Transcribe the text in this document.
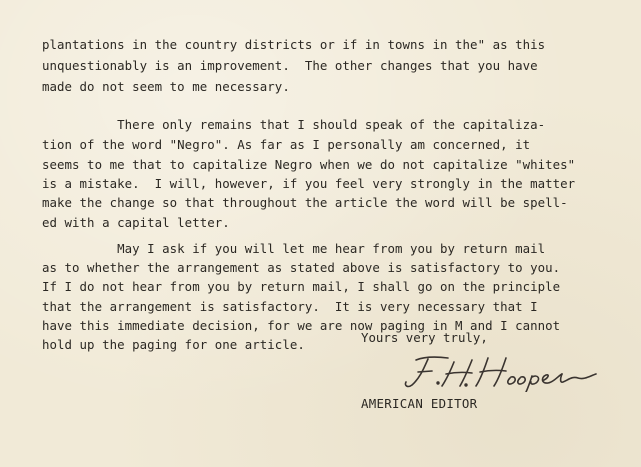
plantations in the country districts or if in towns in the" as this
unquestionably is an improvement.  The other changes that you have
made do not seem to me necessary.
There only remains that I should speak of the capitaliza-
tion of the word "Negro". As far as I personally am concerned, it
seems to me that to capitalize Negro when we do not capitalize "whites"
is a mistake.  I will, however, if you feel very strongly in the matter
make the change so that throughout the article the word will be spell-
ed with a capital letter.
May I ask if you will let me hear from you by return mail
as to whether the arrangement as stated above is satisfactory to you.
If I do not hear from you by return mail, I shall go on the principle
that the arrangement is satisfactory.  It is very necessary that I
have this immediate decision, for we are now paging in M and I cannot
hold up the paging for one article.	Yours very truly,
AMERICAN EDITOR
